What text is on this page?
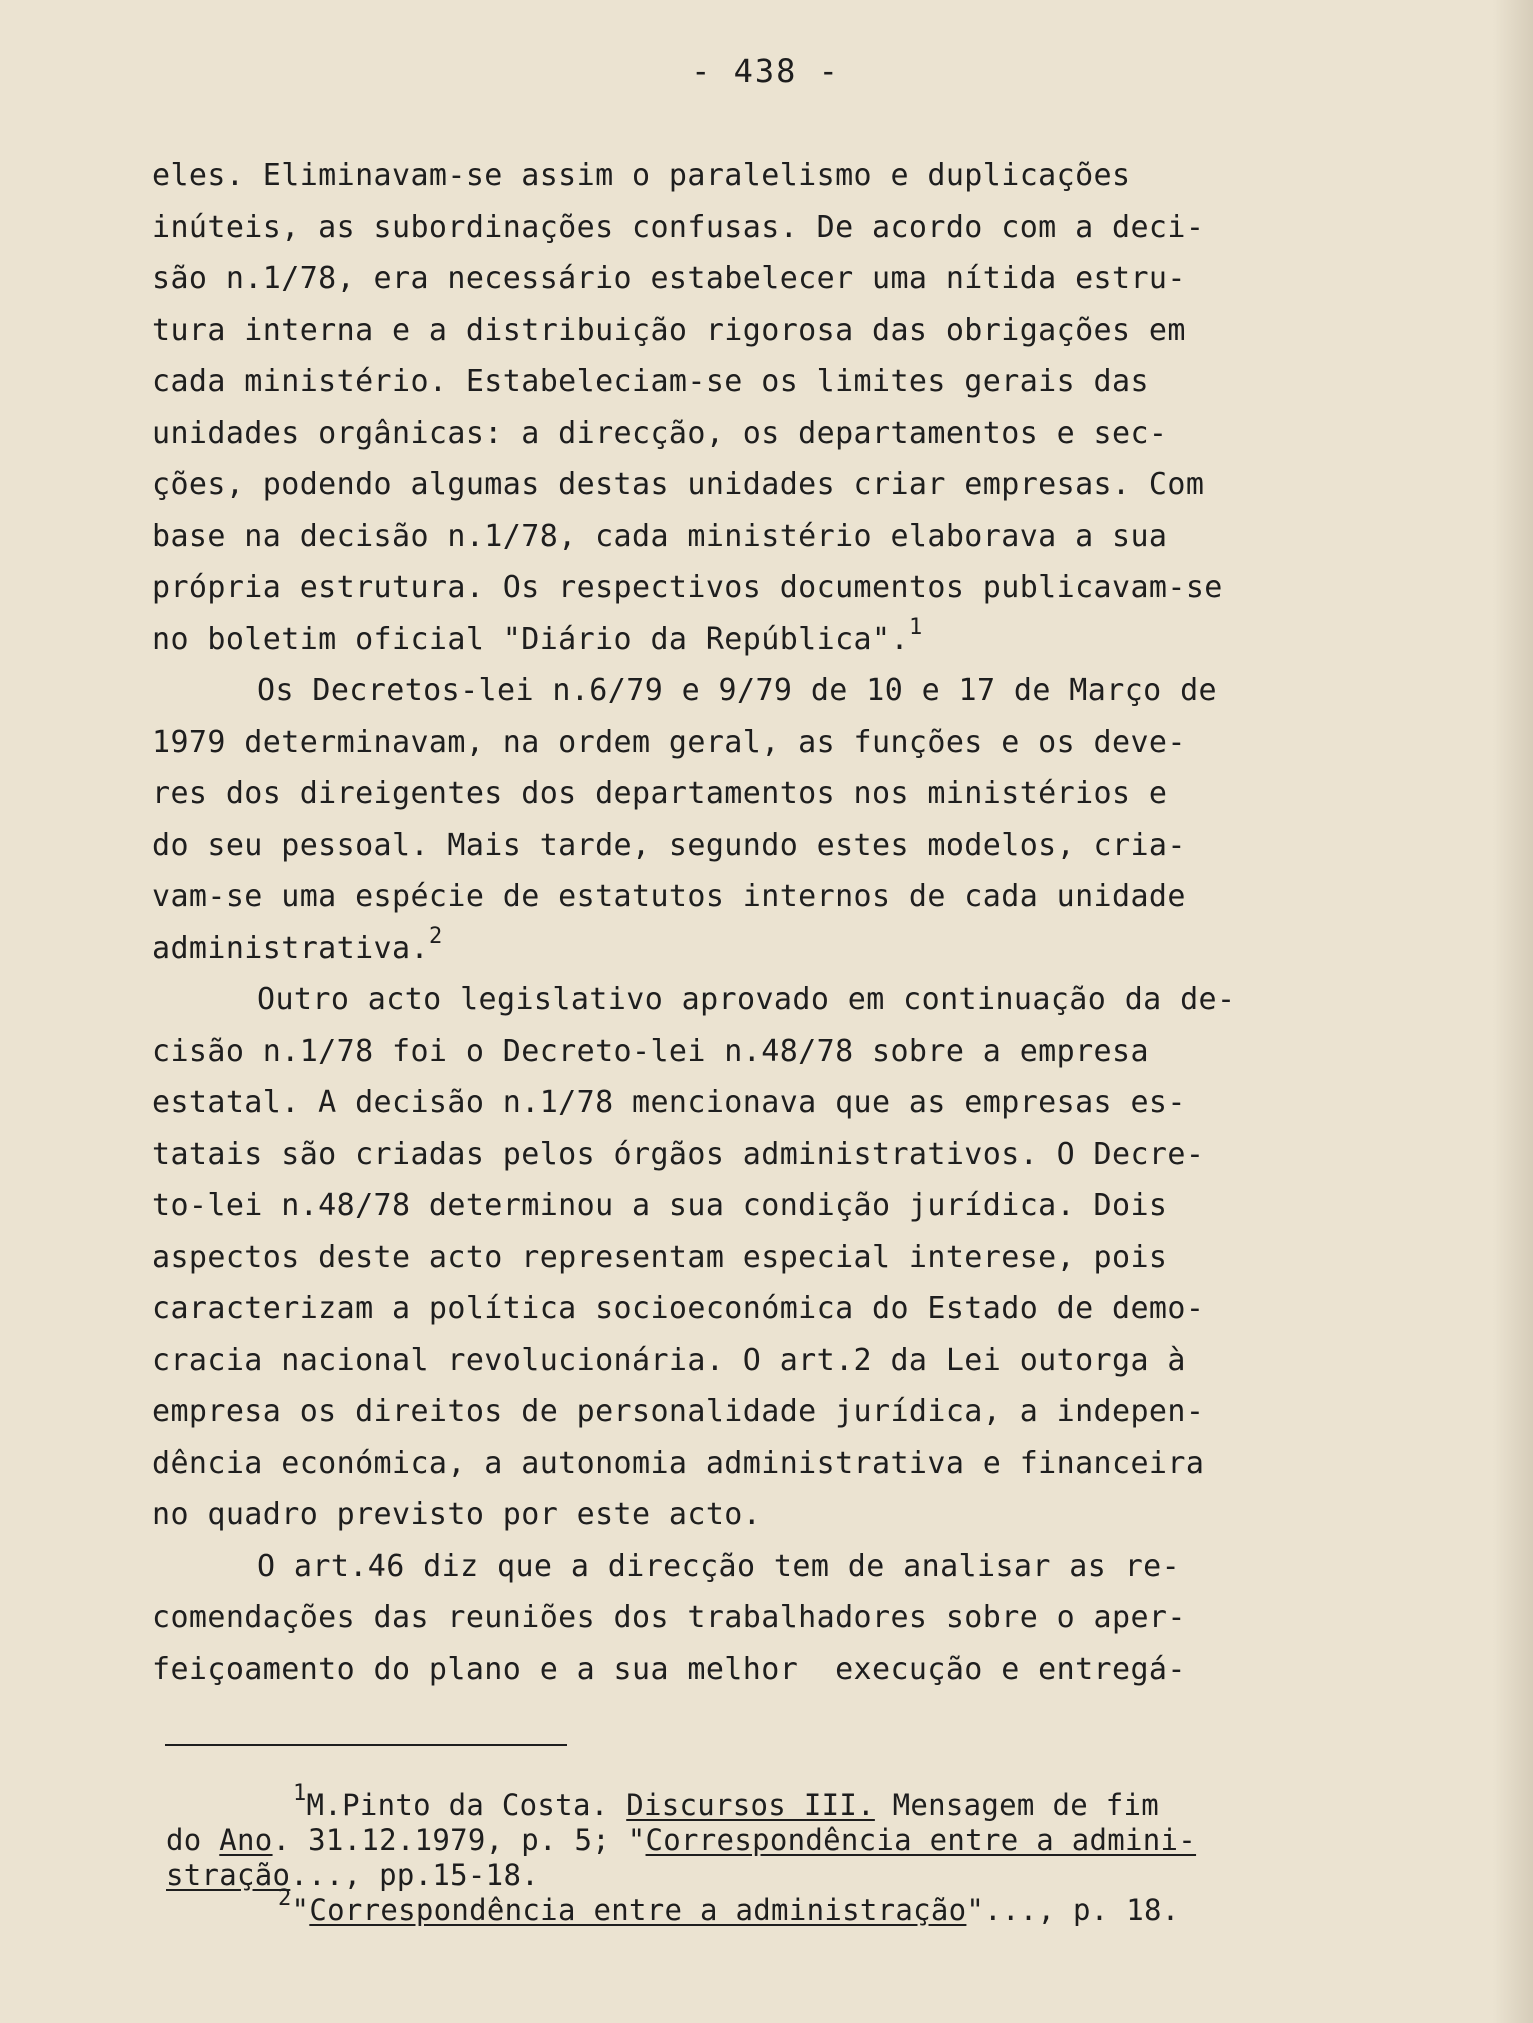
- 438 -
eles. Eliminavam-se assim o paralelismo e duplicações
inúteis, as subordinações confusas. De acordo com a deci-
são n.1/78, era necessário estabelecer uma nítida estru-
tura interna e a distribuição rigorosa das obrigações em
cada ministério. Estabeleciam-se os limites gerais das
unidades orgânicas: a direcção, os departamentos e sec-
ções, podendo algumas destas unidades criar empresas. Com
base na decisão n.1/78, cada ministério elaborava a sua
própria estrutura. Os respectivos documentos publicavam-se
no boletim oficial "Diário da República".$^1$
Os Decretos-lei n.6/79 e 9/79 de 10 e 17 de Março de
1979 determinavam, na ordem geral, as funções e os deve-
res dos direigentes dos departamentos nos ministérios e
do seu pessoal. Mais tarde, segundo estes modelos, cria-
vam-se uma espécie de estatutos internos de cada unidade
administrativa.$^2$
Outro acto legislativo aprovado em continuação da de-
cisão n.1/78 foi o Decreto-lei n.48/78 sobre a empresa
estatal. A decisão n.1/78 mencionava que as empresas es-
tatais são criadas pelos órgãos administrativos. O Decre-
to-lei n.48/78 determinou a sua condição jurídica. Dois
aspectos deste acto representam especial interese, pois
caracterizam a política socioeconómica do Estado de demo-
cracia nacional revolucionária. O art.2 da Lei outorga à
empresa os direitos de personalidade jurídica, a indepen-
dência económica, a autonomia administrativa e financeira
no quadro previsto por este acto.
O art.46 diz que a direcção tem de analisar as re-
comendações das reuniões dos trabalhadores sobre o aper-
feiçoamento do plano e a sua melhor  execução e entregá-
$^1$M.Pinto da Costa. Discursos III. Mensagem de fim
do Ano. 31.12.1979, p. 5; "Correspondência entre a admini-
stração..., pp.15-18.
$^2$"Correspondência entre a administração"..., p. 18.
